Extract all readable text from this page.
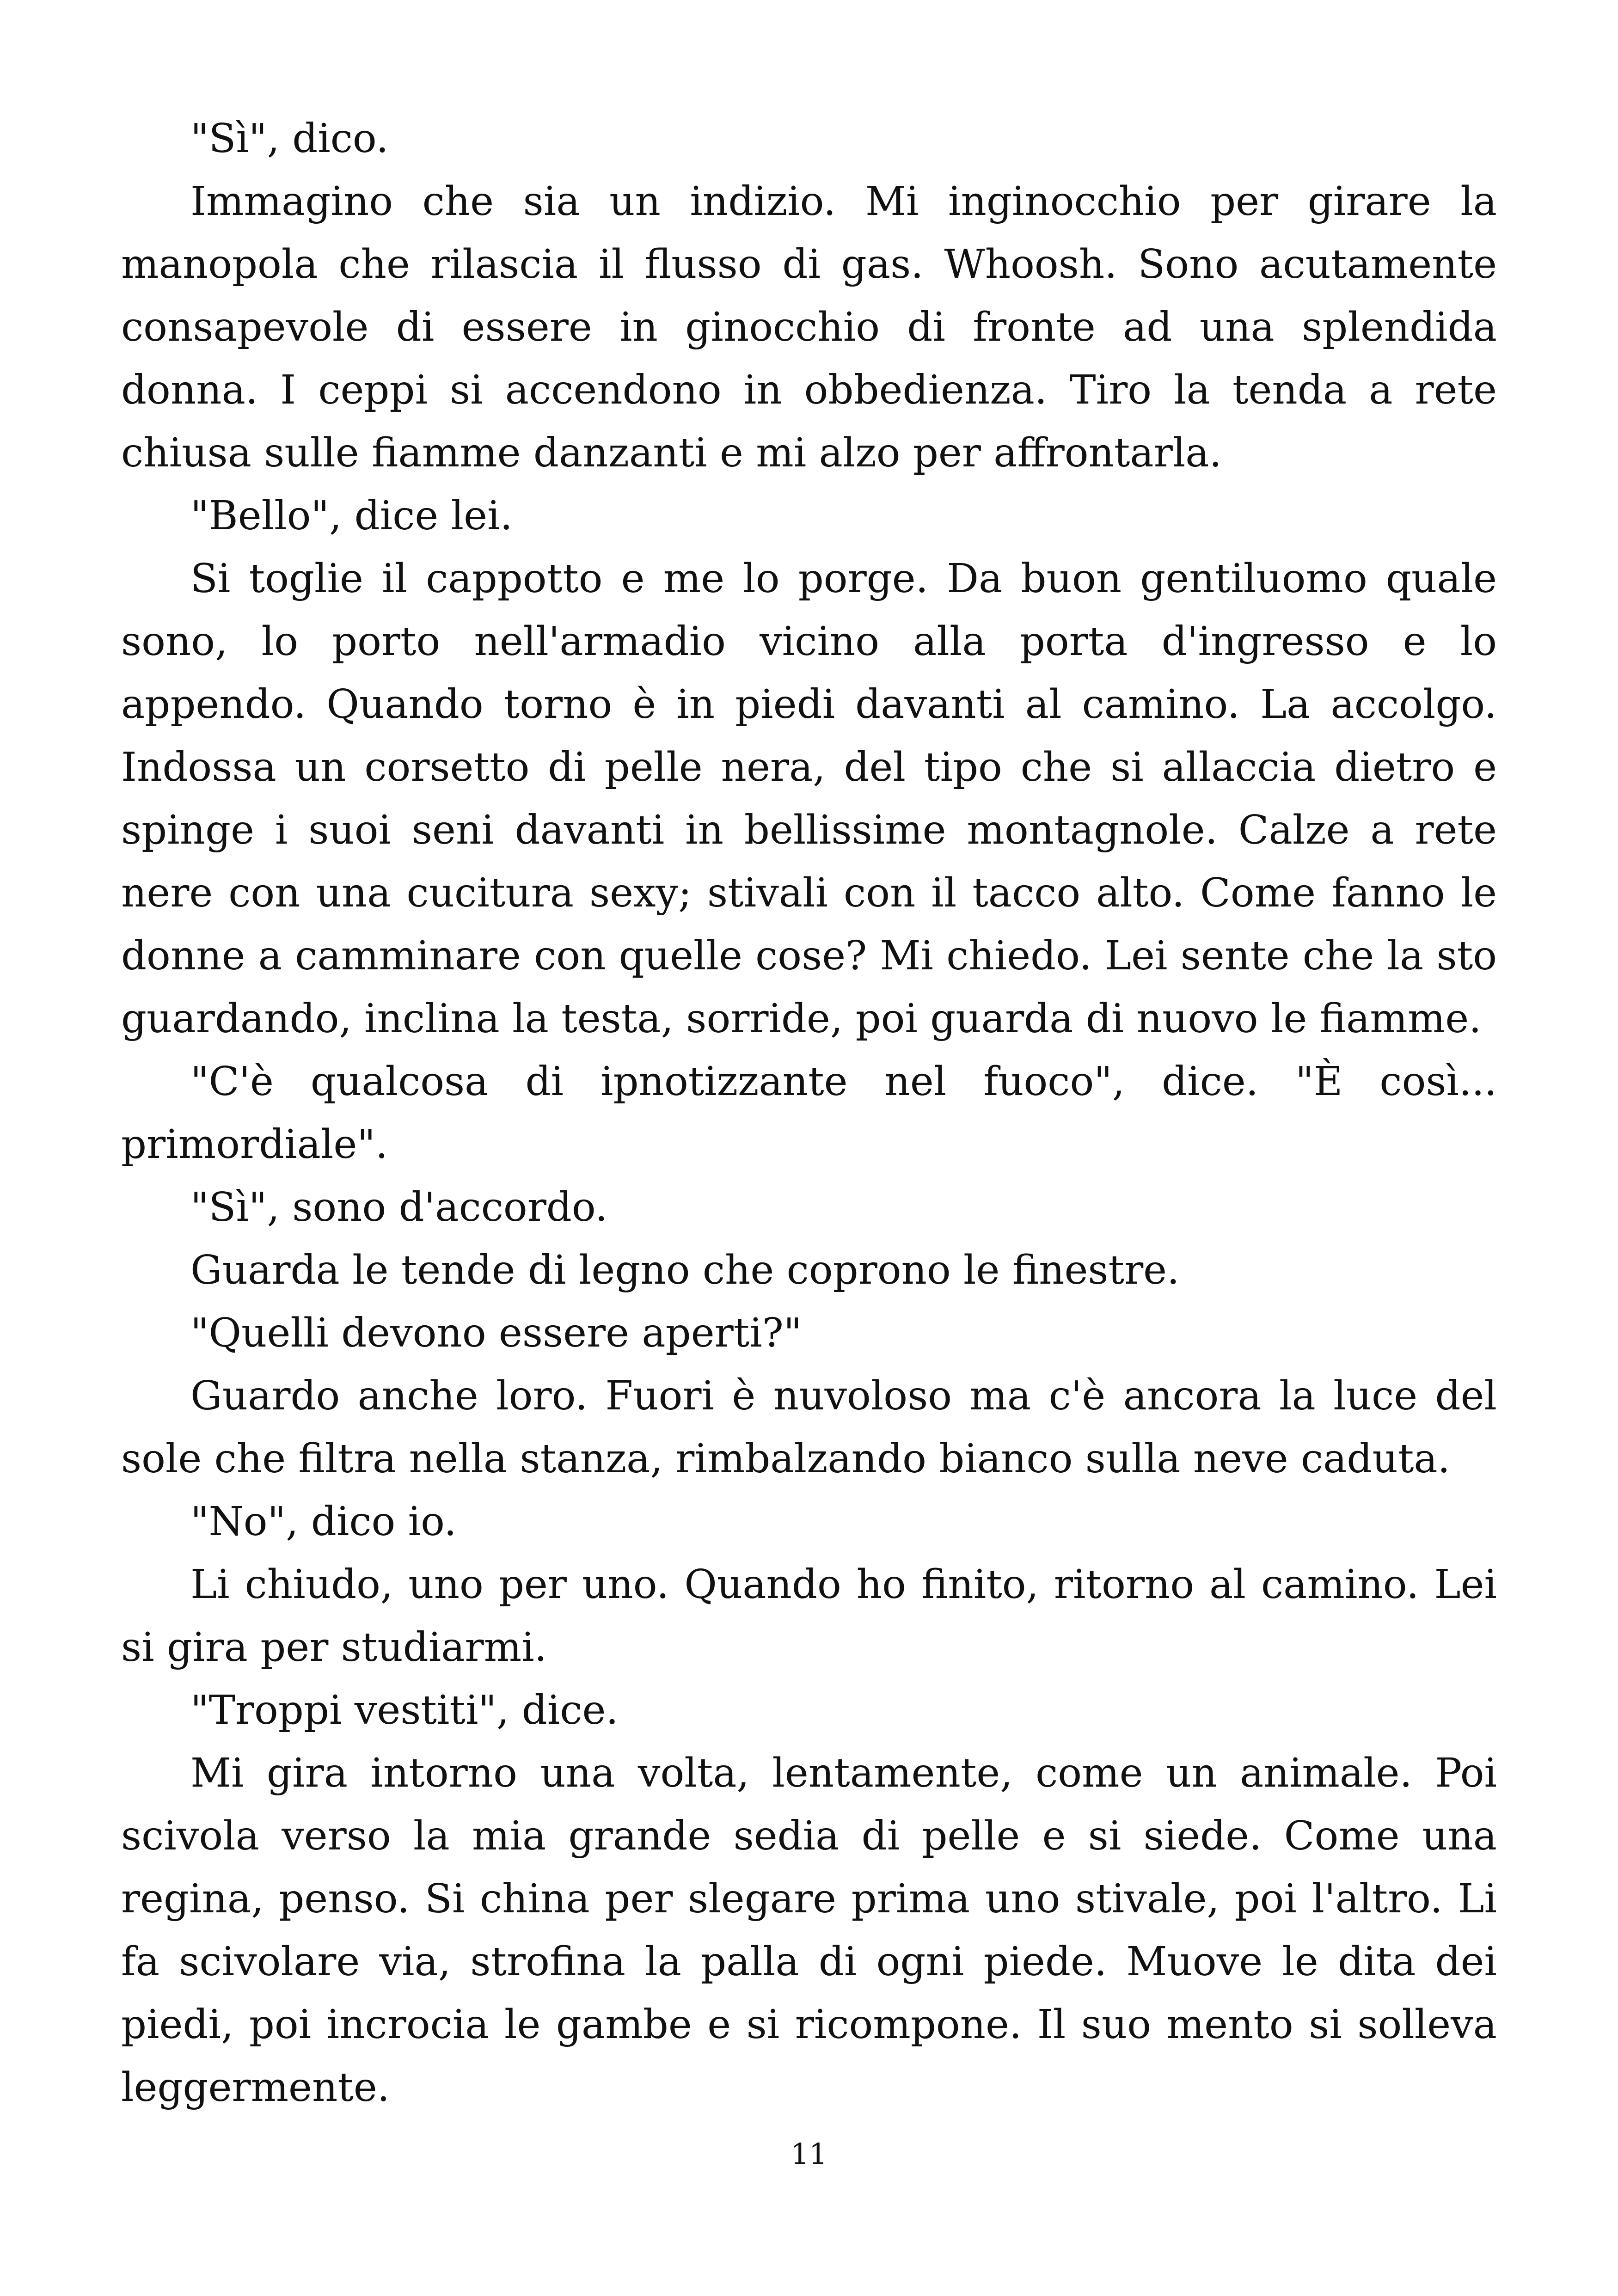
"Sì", dico.

Immagino che sia un indizio. Mi inginocchio per girare la manopola che rilascia il flusso di gas. Whoosh. Sono acutamente consapevole di essere in ginocchio di fronte ad una splendida donna. I ceppi si accendono in obbedienza. Tiro la tenda a rete chiusa sulle fiamme danzanti e mi alzo per affrontarla.

"Bello", dice lei.

Si toglie il cappotto e me lo porge. Da buon gentiluomo quale sono, lo porto nell'armadio vicino alla porta d'ingresso e lo appendo. Quando torno è in piedi davanti al camino. La accolgo. Indossa un corsetto di pelle nera, del tipo che si allaccia dietro e spinge i suoi seni davanti in bellissime montagnole. Calze a rete nere con una cucitura sexy; stivali con il tacco alto. Come fanno le donne a camminare con quelle cose? Mi chiedo. Lei sente che la sto guardando, inclina la testa, sorride, poi guarda di nuovo le fiamme.

"C'è qualcosa di ipnotizzante nel fuoco", dice. "È così... primordiale".

"Sì", sono d'accordo.

Guarda le tende di legno che coprono le finestre.

"Quelli devono essere aperti?"

Guardo anche loro. Fuori è nuvoloso ma c'è ancora la luce del sole che filtra nella stanza, rimbalzando bianco sulla neve caduta.

"No", dico io.

Li chiudo, uno per uno. Quando ho finito, ritorno al camino. Lei si gira per studiarmi.

"Troppi vestiti", dice.

Mi gira intorno una volta, lentamente, come un animale. Poi scivola verso la mia grande sedia di pelle e si siede. Come una regina, penso. Si china per slegare prima uno stivale, poi l'altro. Li fa scivolare via, strofina la palla di ogni piede. Muove le dita dei piedi, poi incrocia le gambe e si ricompone. Il suo mento si solleva leggermente.

11
